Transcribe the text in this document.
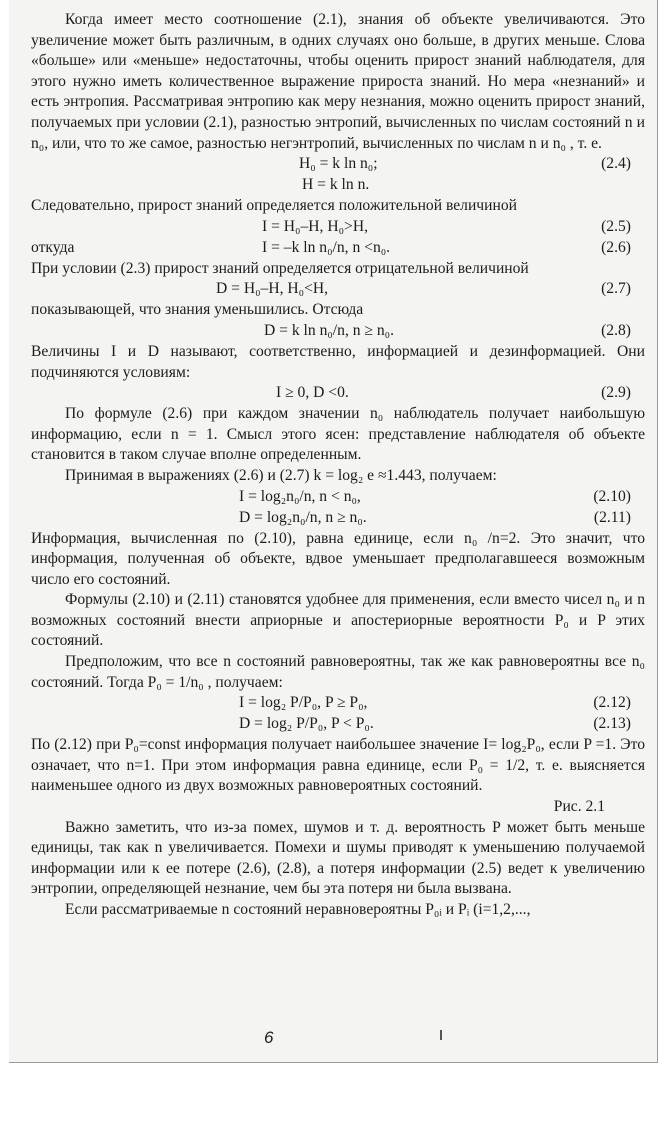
Когда имеет место соотношение (2.1), знания об объекте увеличиваются. Это увеличение может быть различным, в одних случаях оно больше, в других меньше. Слова «больше» или «меньше» недостаточны, чтобы оценить прирост знаний наблюдателя, для этого нужно иметь количественное выражение прироста знаний. Но мера «незнаний» и есть энтропия. Рассматривая энтропию как меру незнания, можно оценить прирост знаний, получаемых при условии (2.1), разностью энтропий, вычисленных по числам состояний n и n₀, или, что то же самое, разностью негэнтропий, вычисленных по числам n и n₀ , т. е.

H₀ = k ln n₀;	(2.4)
H = k ln n.

Следовательно, прирост знаний определяется положительной величиной

I = H₀–H, H₀>H,	(2.5)
откуда	I = –k ln n₀/n, n <n₀.	(2.6)

При условии (2.3) прирост знаний определяется отрицательной величиной

D = H₀–H, H₀<H,	(2.7)

показывающей, что знания уменьшились. Отсюда

D = k ln n₀/n, n ≥ n₀.	(2.8)

Величины I и D называют, соответственно, информацией и дезинформацией. Они подчиняются условиям:

I ≥ 0, D <0.	(2.9)

По формуле (2.6) при каждом значении n₀ наблюдатель получает наибольшую информацию, если n = 1. Смысл этого ясен: представление наблюдателя об объекте становится в таком случае вполне определенным.

Принимая в выражениях (2.6) и (2.7) k = log₂ e ≈1.443, получаем:

I = log₂n₀/n, n < n₀,	(2.10)
D = log₂n₀/n, n ≥ n₀.	(2.11)

Информация, вычисленная по (2.10), равна единице, если n₀ /n=2. Это значит, что информация, полученная об объекте, вдвое уменьшает предполагавшееся возможным число его состояний.

Формулы (2.10) и (2.11) становятся удобнее для применения, если вместо чисел n₀ и n возможных состояний внести априорные и апостериорные вероятности P₀ и P этих состояний.

Предположим, что все n состояний равновероятны, так же как равновероятны все n₀ состояний. Тогда P₀ = 1/n₀ , получаем:

I = log₂ P/P₀, P ≥ P₀,	(2.12)
D = log₂ P/P₀, P < P₀.	(2.13)

По (2.12) при P₀=const информация получает наибольшее значение I= log₂P₀, если P =1. Это означает, что n=1. При этом информация равна единице, если P₀ = 1/2, т. е. выясняется наименьшее одного из двух возможных равновероятных состояний.

Рис. 2.1

Важно заметить, что из-за помех, шумов и т. д. вероятность P может быть меньше единицы, так как n увеличивается. Помехи и шумы приводят к уменьшению получаемой информации или к ее потере (2.6), (2.8), а потеря информации (2.5) ведет к увеличению энтропии, определяющей незнание, чем бы эта потеря ни была вызвана.

Если рассматриваемые n состояний неравновероятны P₀ᵢ и Pᵢ (i=1,2,...,

6
